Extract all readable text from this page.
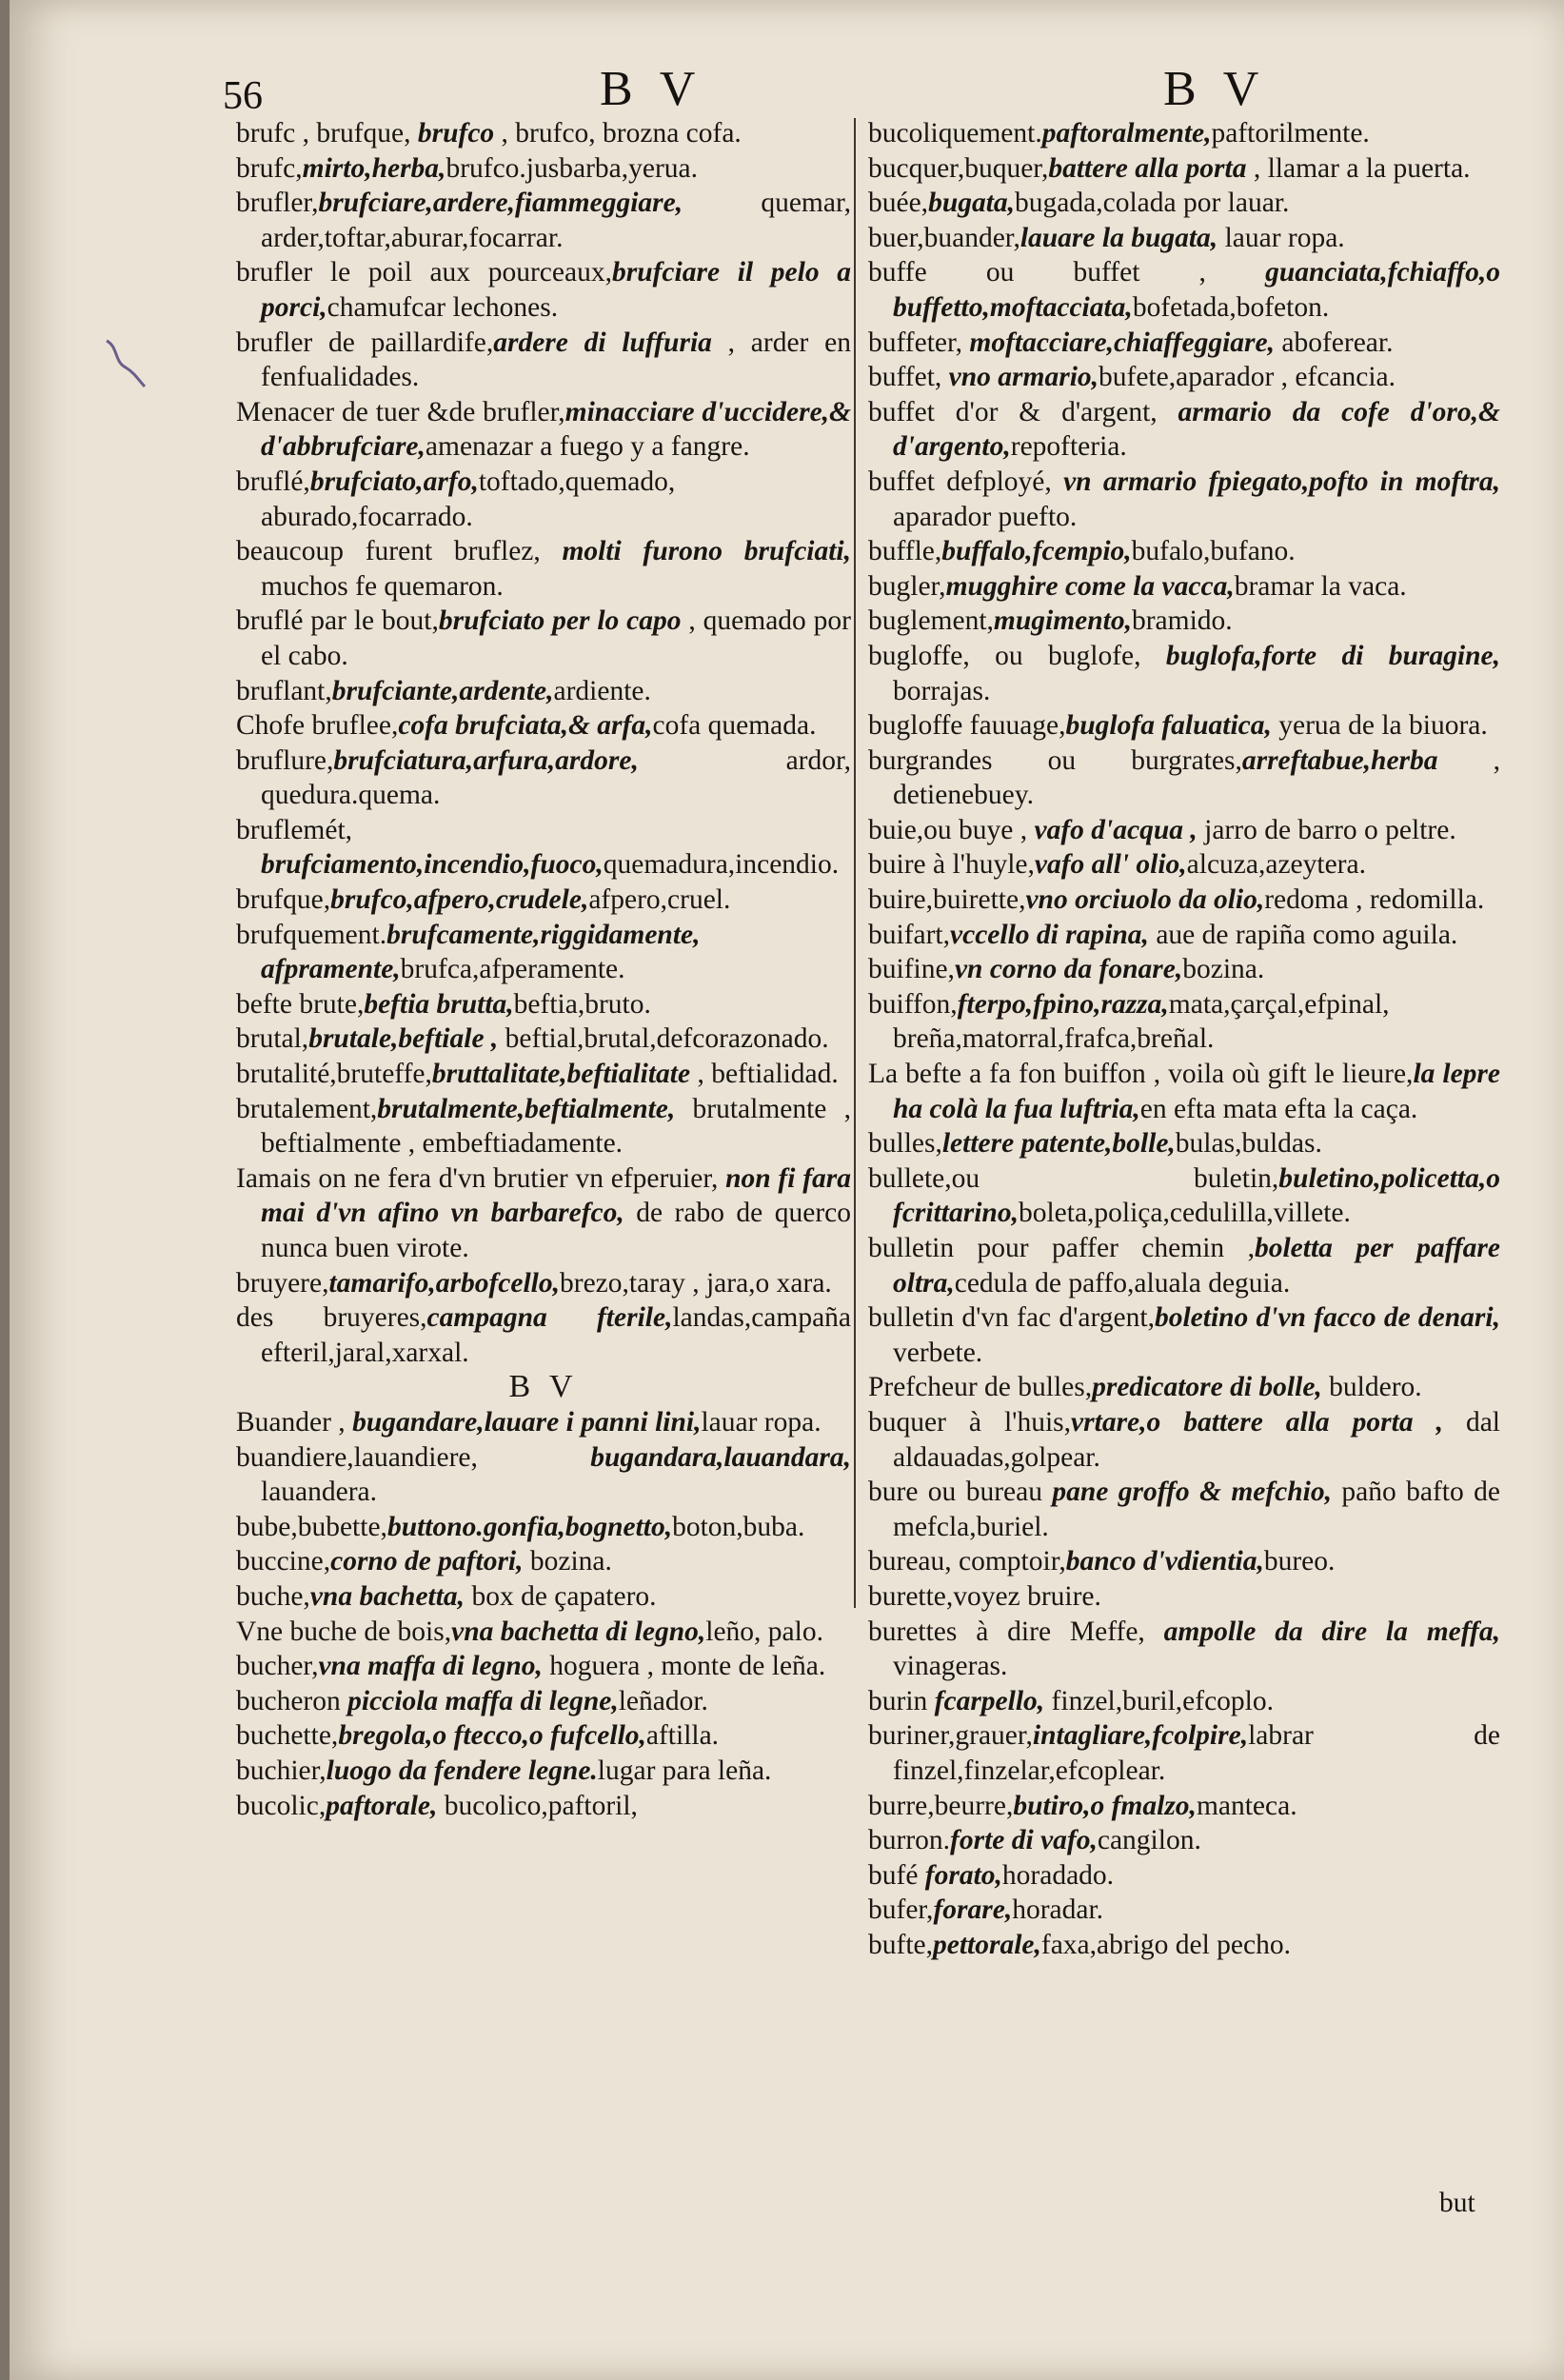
56	B V	B V

brufc , brufque, brufco , brufco, brozna cofa.

brufc,mirto,herba,brufco.jusbarba,yerua.

brufler,brufciare,ardere,fiammeggiare, quemar, arder,toftar,aburar,focarrar.

brufler le poil aux pourceaux,brufciare il pelo a porci,chamufcar lechones.

brufler de paillardife,ardere di luffuria , arder en fenfualidades.

Menacer de tuer &de brufler,minacciare d'uccidere,& d'abbrufciare,amenazar a fuego y a fangre.

bruflé,brufciato,arfo,toftado,quemado, aburado,focarrado.

beaucoup furent bruflez, molti furono brufciati, muchos fe quemaron.

bruflé par le bout,brufciato per lo capo , quemado por el cabo.

bruflant,brufciante,ardente,ardiente.

Chofe bruflee,cofa brufciata,& arfa,cofa quemada.

bruflure,brufciatura,arfura,ardore, ardor, quedura.quema.

bruflemét, brufciamento,incendio,fuoco,quemadura,incendio.

brufque,brufco,afpero,crudele,afpero,cruel.

brufquement.brufcamente,riggidamente, afpramente,brufca,afperamente.

befte brute,beftia brutta,beftia,bruto.

brutal,brutale,beftiale , beftial,brutal,defcorazonado.

brutalité,bruteffe,bruttalitate,beftialitate , beftialidad.

brutalement,brutalmente,beftialmente, brutalmente , beftialmente , embeftiadamente.

Iamais on ne fera d'vn brutier vn efperuier, non fi fara mai d'vn afino vn barbarefco, de rabo de querco nunca buen virote.

bruyere,tamarifo,arbofcello,brezo,taray , jara,o xara.

des bruyeres,campagna fterile,landas,campaña efteril,jaral,xarxal.

B V

Buander , bugandare,lauare i panni lini,lauar ropa.

buandiere,lauandiere, bugandara,lauandara, lauandera.

bube,bubette,buttono.gonfia,bognetto,boton,buba.

buccine,corno de paftori, bozina.

buche,vna bachetta, box de çapatero.

Vne buche de bois,vna bachetta di legno,leño, palo.

bucher,vna maffa di legno, hoguera , monte de leña.

bucheron picciola maffa di legne,leñador.

buchette,bregola,o ftecco,o fufcello,aftilla.

buchier,luogo da fendere legne.lugar para leña.

bucolic,paftorale, bucolico,paftoril,

bucoliquement.paftoralmente,paftorilmente.

bucquer,buquer,battere alla porta , llamar a la puerta.

buée,bugata,bugada,colada por lauar.

buer,buander,lauare la bugata, lauar ropa.

buffe ou buffet , guanciata,fchiaffo,o buffetto,moftacciata,bofetada,bofeton.

buffeter, moftacciare,chiaffeggiare, aboferear.

buffet, vno armario,bufete,aparador , efcancia.

buffet d'or & d'argent, armario da cofe d'oro,& d'argento,repofteria.

buffet defployé, vn armario fpiegato,pofto in moftra, aparador puefto.

buffle,buffalo,fcempio,bufalo,bufano.

bugler,mugghire come la vacca,bramar la vaca.

buglement,mugimento,bramido.

bugloffe, ou buglofe, buglofa,forte di buragine, borrajas.

bugloffe fauuage,buglofa faluatica, yerua de la biuora.

burgrandes ou burgrates,arreftabue,herba , detienebuey.

buie,ou buye , vafo d'acqua , jarro de barro o peltre.

buire à l'huyle,vafo all' olio,alcuza,azeytera.

buire,buirette,vno orciuolo da olio,redoma , redomilla.

buifart,vccello di rapina, aue de rapiña como aguila.

buifine,vn corno da fonare,bozina.

buiffon,fterpo,fpino,razza,mata,çarçal,efpinal, breña,matorral,frafca,breñal.

La befte a fa fon buiffon , voila où gift le lieure,la lepre ha colà la fua luftria,en efta mata efta la caça.

bulles,lettere patente,bolle,bulas,buldas.

bullete,ou buletin,buletino,policetta,o fcrittarino,boleta,poliça,cedulilla,villete.

bulletin pour paffer chemin ,boletta per paffare oltra,cedula de paffo,aluala deguia.

bulletin d'vn fac d'argent,boletino d'vn facco de denari, verbete.

Prefcheur de bulles,predicatore di bolle, buldero.

buquer à l'huis,vrtare,o battere alla porta , dal aldauadas,golpear.

bure ou bureau pane groffo & mefchio, paño bafto de mefcla,buriel.

bureau, comptoir,banco d'vdientia,bureo.

burette,voyez bruire.

burettes à dire Meffe, ampolle da dire la meffa, vinageras.

burin fcarpello, finzel,buril,efcoplo.

buriner,grauer,intagliare,fcolpire,labrar de finzel,finzelar,efcoplear.

burre,beurre,butiro,o fmalzo,manteca.

burron.forte di vafo,cangilon.

bufé forato,horadado.

bufer,forare,horadar.

bufte,pettorale,faxa,abrigo del pecho.

but
